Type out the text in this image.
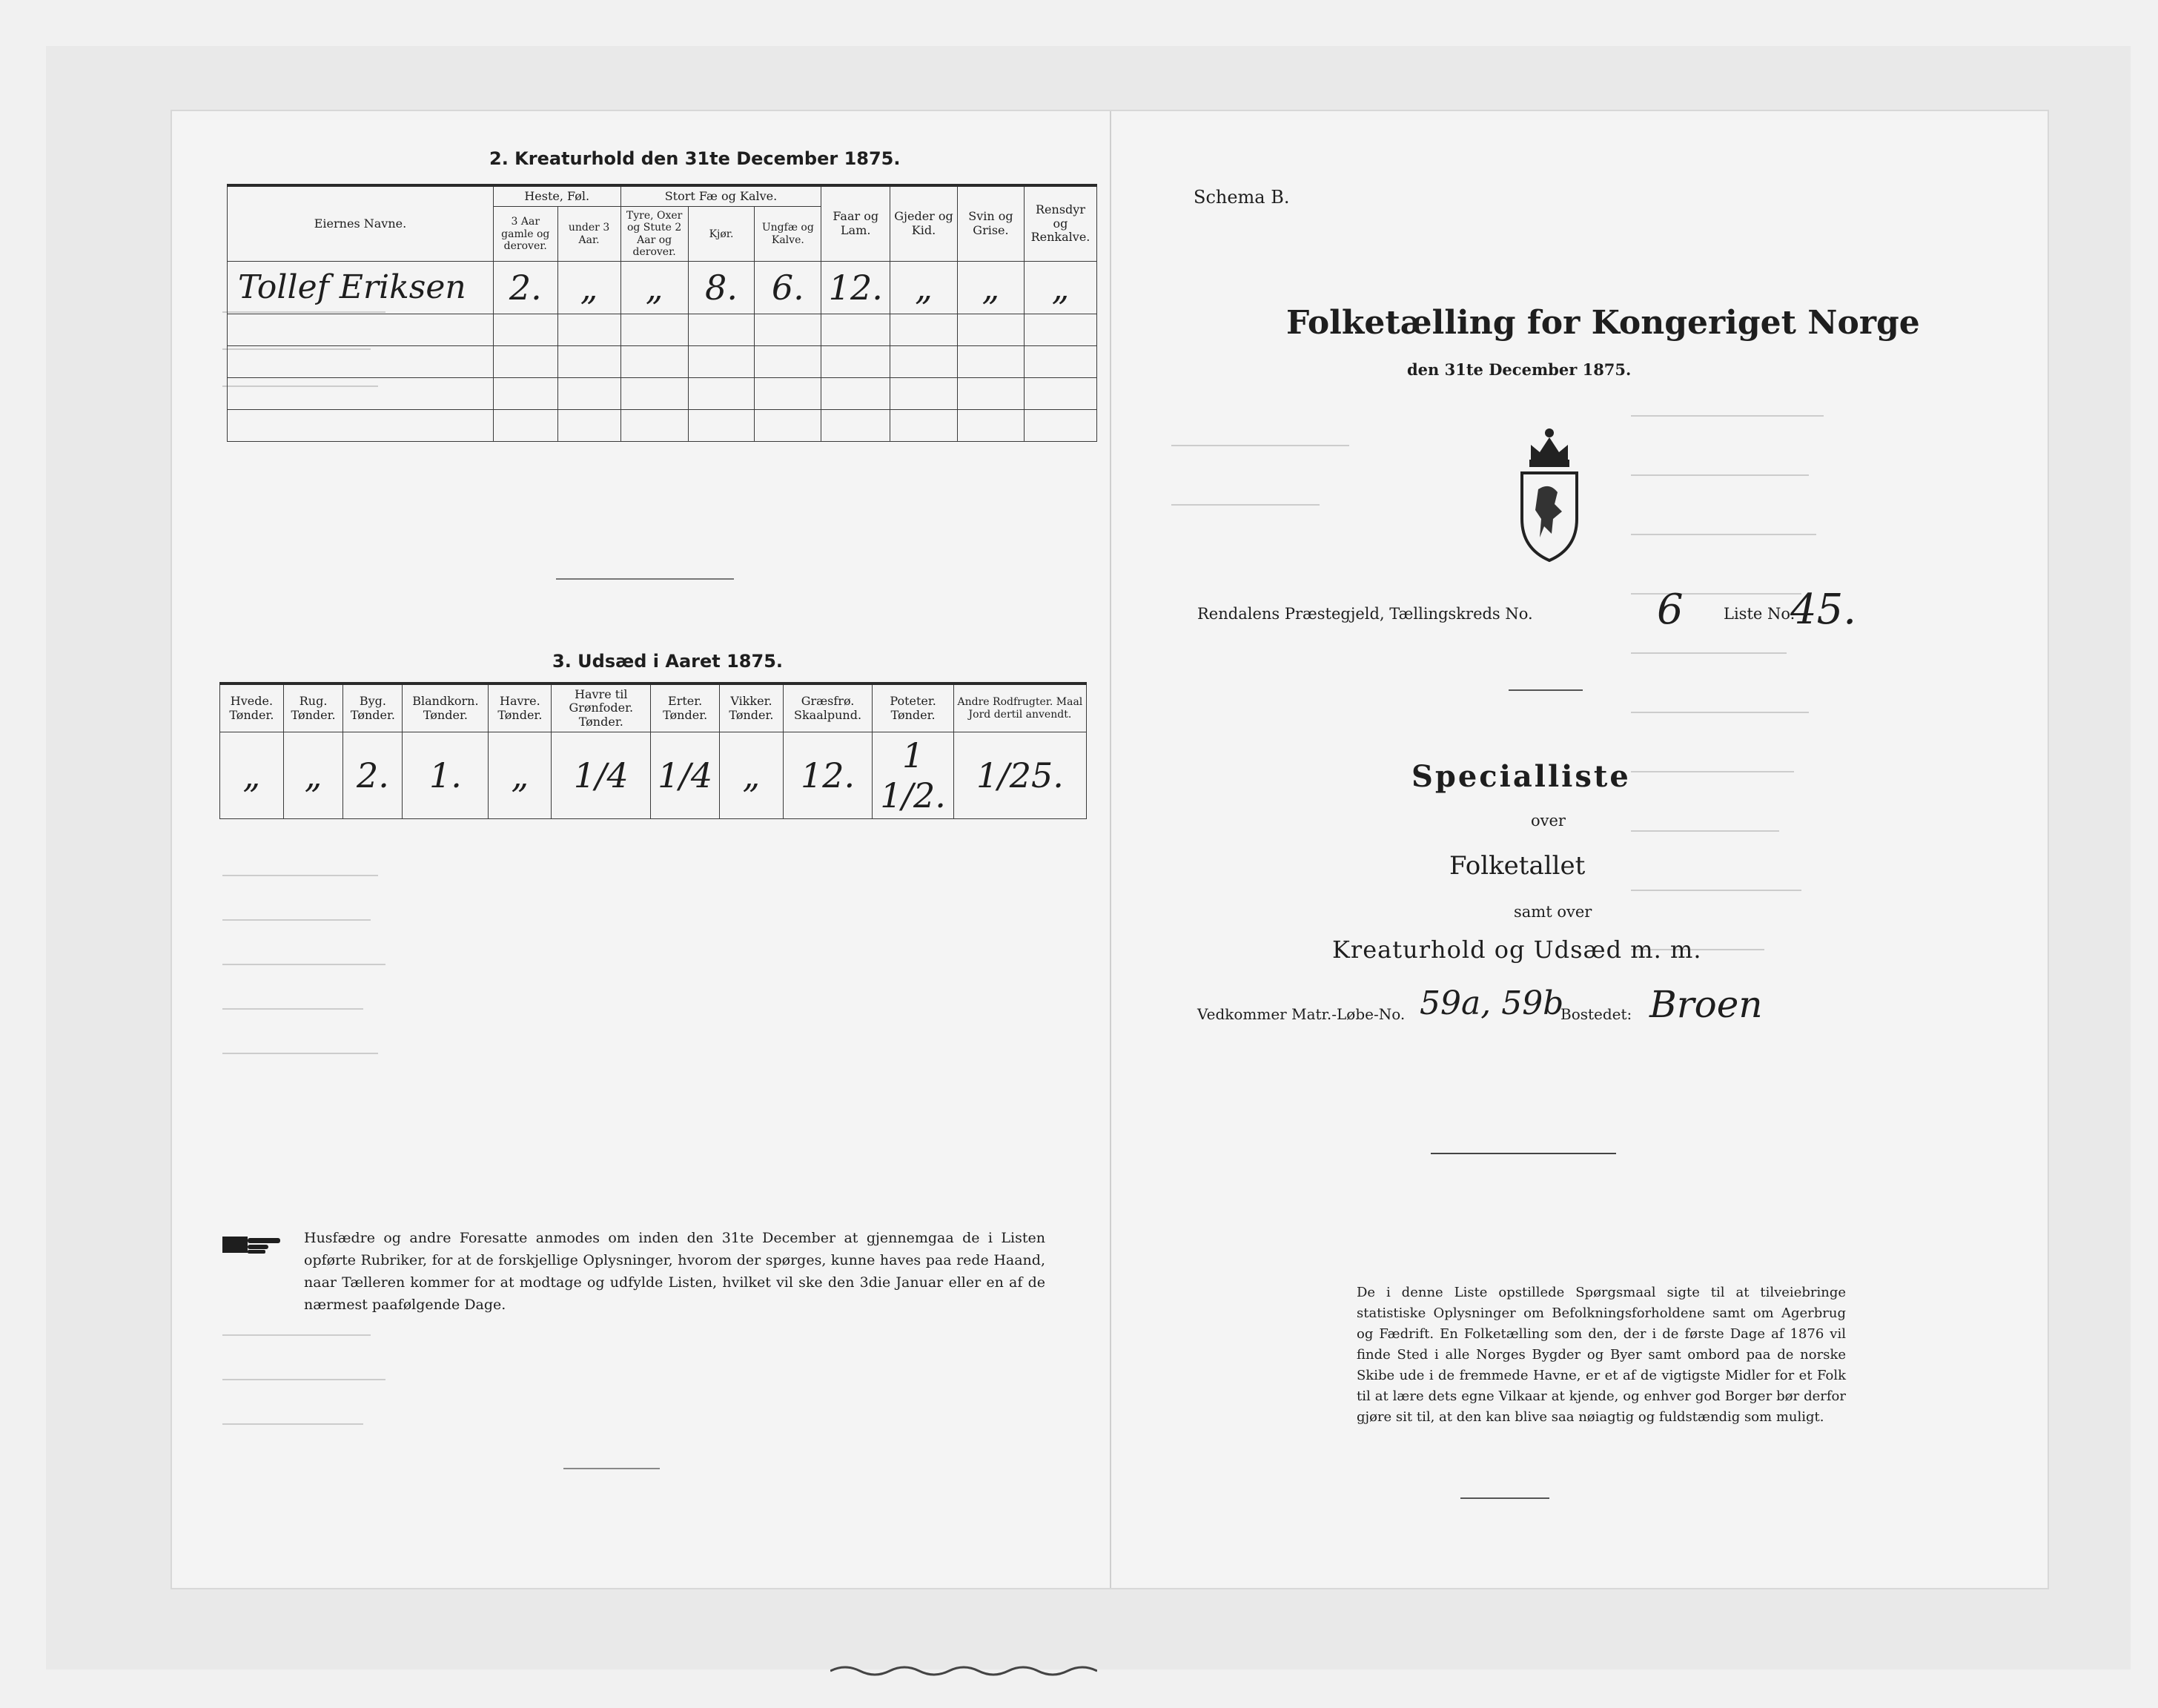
2. Kreaturhold den 31te December 1875.
Eiernes Navne.	Heste, Føl.		Stort Fæ og Kalve.			Faar og Lam.	Gjeder og Kid.	Svin og Grise.	Rensdyr og Renkalve.
	3 Aar gamle og derover.	under 3 Aar.	Tyre, Oxer og Stute 2 Aar og derover.	Kjør.	Ungfæ og Kalve.				
Tollef Eriksen	2.	„	„	8.	6.	12.	„	„	„

3. Udsæd i Aaret 1875.
Hvede. Tønder.	Rug. Tønder.	Byg. Tønder.	Blandkorn. Tønder.	Havre. Tønder.	Havre til Grønfoder. Tønder.	Erter. Tønder.	Vikker. Tønder.	Græsfrø. Skaalpund.	Poteter. Tønder.	Andre Rodfrugter. Maal Jord dertil anvendt.
„	„	2.	1.	„	1/4	1/4	„	12.	1 1/2.	1/25.
Husfædre og andre Foresatte anmodes om inden den 31te December at gjennemgaa de i Listen opførte Rubriker, for at de forskjellige Oplysninger, hvorom der spørges, kunne haves paa rede Haand, naar Tælleren kommer for at modtage og udfylde Listen, hvilket vil ske den 3die Januar eller en af de nærmest paafølgende Dage.
Schema B.
Folketælling for Kongeriget Norge
den 31te December 1875.
Rendalens Præstegjeld, Tællingskreds No.	6	Liste No.
45.
Specialliste
over
Folketallet
samt over
Kreaturhold og Udsæd m. m.
Vedkommer Matr.-Løbe-No. 59a, 59b
Bostedet: Broen
De i denne Liste opstillede Spørgsmaal sigte til at tilveiebringe statistiske Oplysninger om Befolkningsforholdene samt om Agerbrug og Fædrift. En Folketælling som den, der i de første Dage af 1876 vil finde Sted i alle Norges Bygder og Byer samt ombord paa de norske Skibe ude i de fremmede Havne, er et af de vigtigste Midler for et Folk til at lære dets egne Vilkaar at kjende, og enhver god Borger bør derfor gjøre sit til, at den kan blive saa nøiagtig og fuldstændig som muligt.
